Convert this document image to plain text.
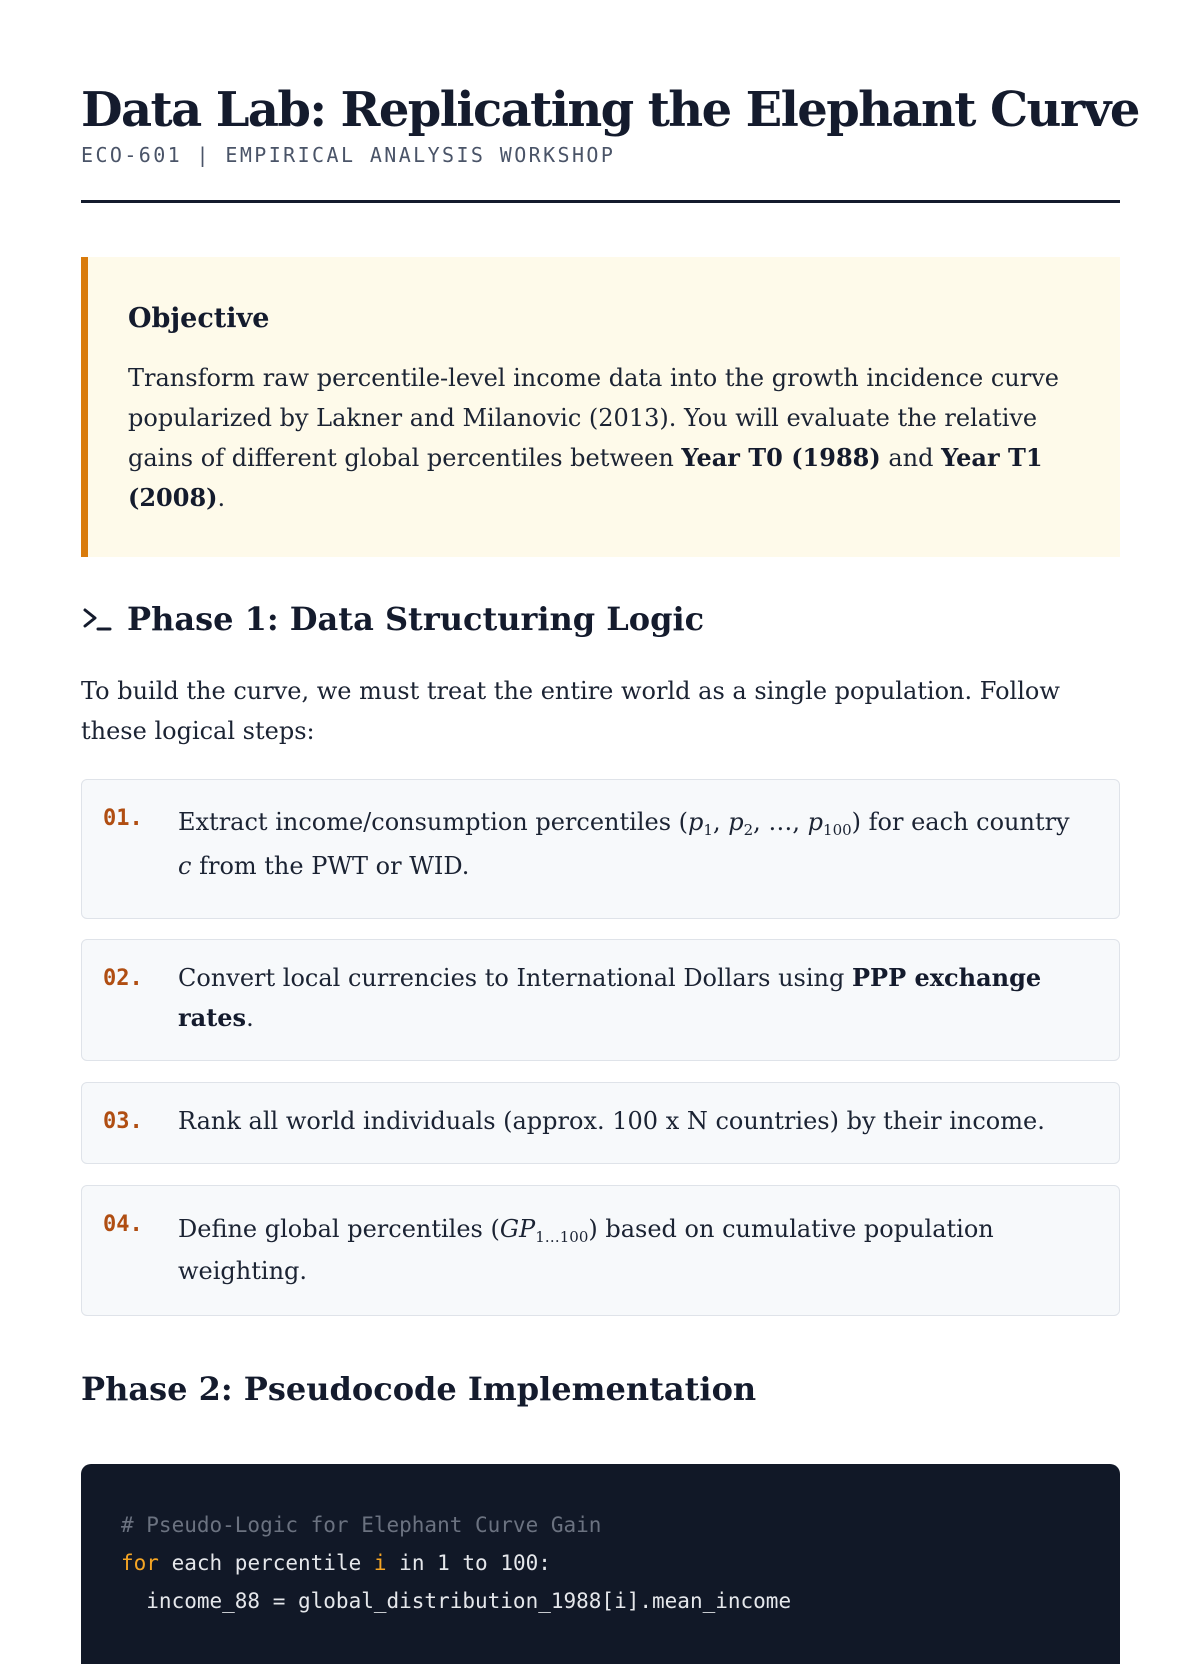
Data Lab: Replicating the Elephant Curve
ECO-601 | EMPIRICAL ANALYSIS WORKSHOP
Objective

Transform raw percentile-level income data into the growth incidence curve popularized by Lakner and Milanovic (2013). You will evaluate the relative gains of different global percentiles between Year T0 (1988) and Year T1 (2008).

Phase 1: Data Structuring Logic

To build the curve, we must treat the entire world as a single population. Follow these logical steps:

01. Extract income/consumption percentiles ($p_1$, $p_2$, …, $p_{100}$) for each country c from the PWT or WID.
02. Convert local currencies to International Dollars using PPP exchange rates.
03. Rank all world individuals (approx. 100 x N countries) by their income.
04. Define global percentiles $(GP_{1\dots 100})$ based on cumulative population weighting.
Phase 2: Pseudocode Implementation
# Pseudo-Logic for Elephant Curve Gain
for each percentile i in 1 to 100:
income_88 = global_distribution_1988[i].mean_income
